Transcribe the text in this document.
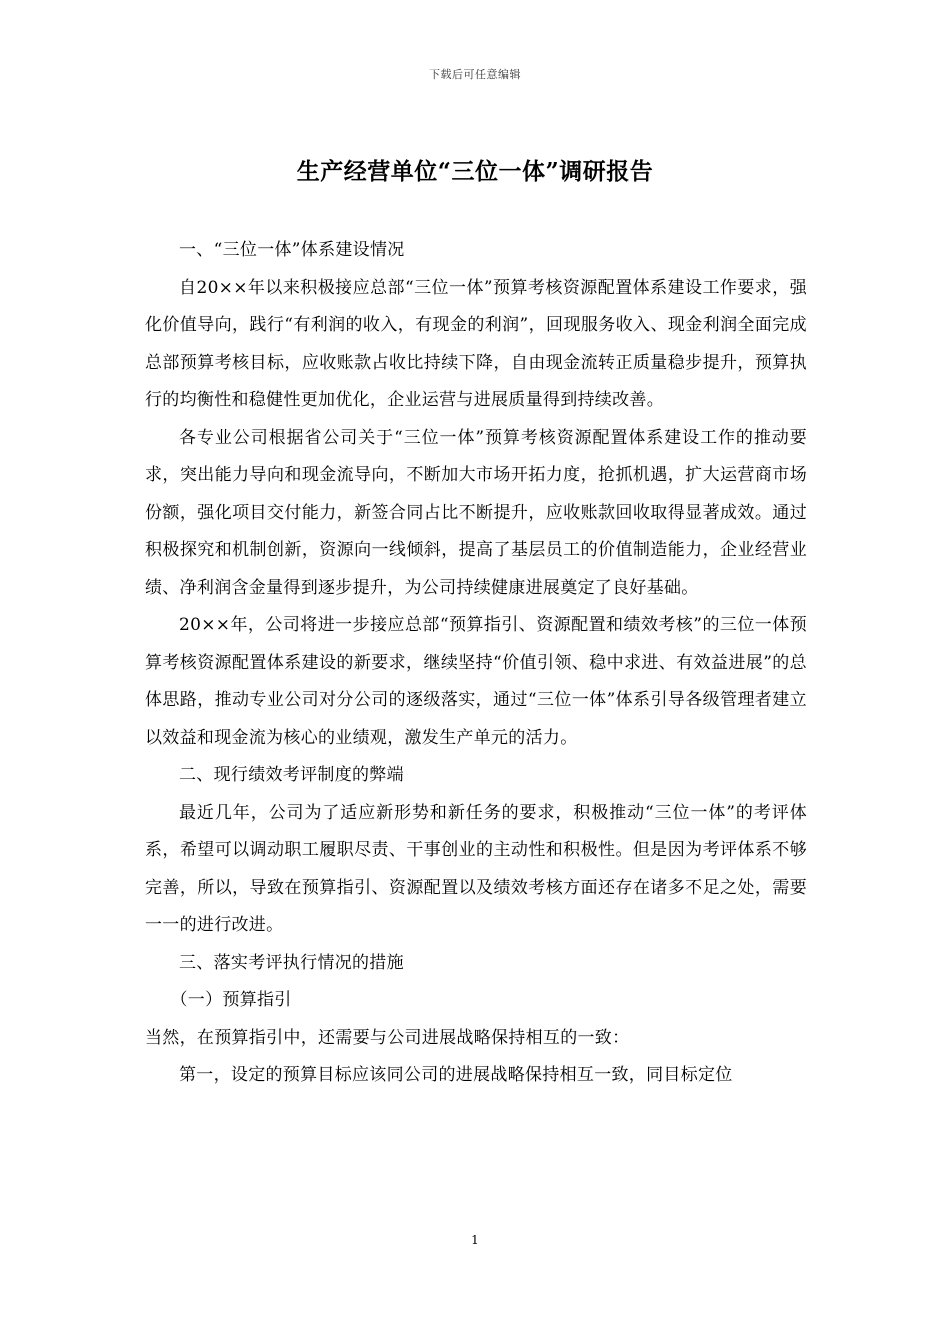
下载后可任意编辑
生产经营单位“三位一体”调研报告

一、“三位一体”体系建设情况

自20××年以来积极接应总部“三位一体”预算考核资源配置体系建设工作要求，强化价值导向，践行“有利润的收入，有现金的利润”，回现服务收入、现金利润全面完成总部预算考核目标，应收账款占收比持续下降，自由现金流转正质量稳步提升，预算执行的均衡性和稳健性更加优化，企业运营与进展质量得到持续改善。

各专业公司根据省公司关于“三位一体”预算考核资源配置体系建设工作的推动要求，突出能力导向和现金流导向，不断加大市场开拓力度，抢抓机遇，扩大运营商市场份额，强化项目交付能力，新签合同占比不断提升，应收账款回收取得显著成效。通过积极探究和机制创新，资源向一线倾斜，提高了基层员工的价值制造能力，企业经营业绩、净利润含金量得到逐步提升，为公司持续健康进展奠定了良好基础。

20××年，公司将进一步接应总部“预算指引、资源配置和绩效考核”的三位一体预算考核资源配置体系建设的新要求，继续坚持“价值引领、稳中求进、有效益进展”的总体思路，推动专业公司对分公司的逐级落实，通过“三位一体”体系引导各级管理者建立以效益和现金流为核心的业绩观，激发生产单元的活力。

二、现行绩效考评制度的弊端

最近几年，公司为了适应新形势和新任务的要求，积极推动“三位一体”的考评体系，希望可以调动职工履职尽责、干事创业的主动性和积极性。但是因为考评体系不够完善，所以，导致在预算指引、资源配置以及绩效考核方面还存在诸多不足之处，需要一一的进行改进。

三、落实考评执行情况的措施

（一）预算指引

当然，在预算指引中，还需要与公司进展战略保持相互的一致：

第一，设定的预算目标应该同公司的进展战略保持相互一致，同目标定位

1
